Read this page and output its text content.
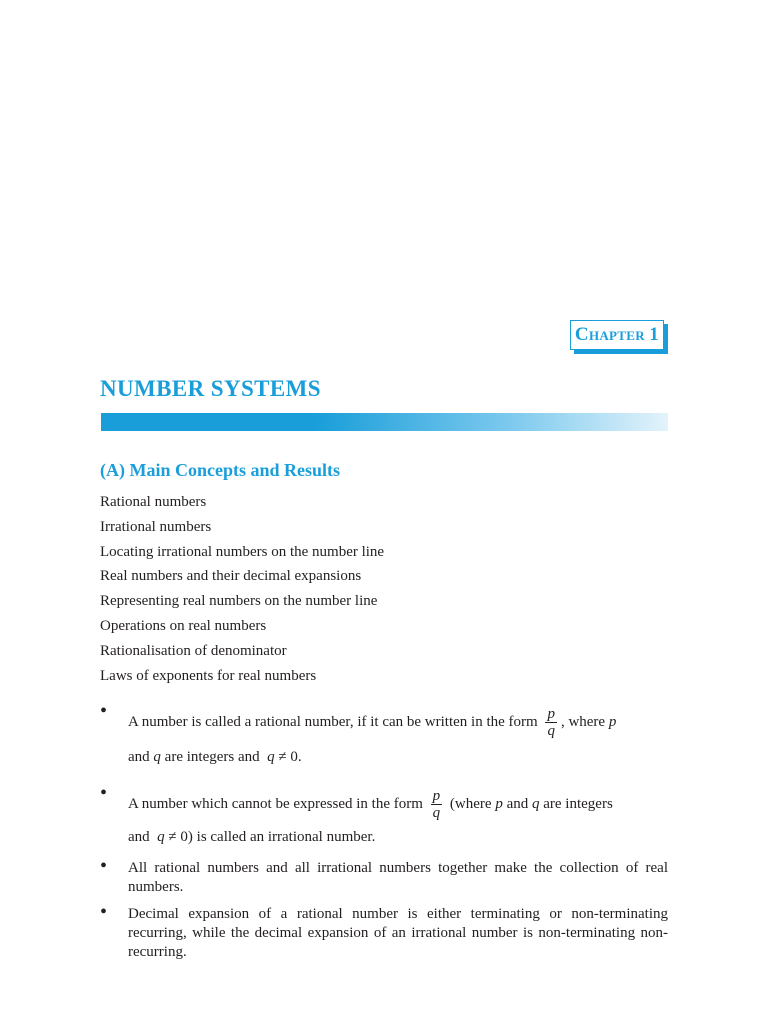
CHAPTER 1
NUMBER SYSTEMS
(A) Main Concepts and Results
Rational numbers
Irrational numbers
Locating irrational numbers on the number line
Real numbers and their decimal expansions
Representing real numbers on the number line
Operations on real numbers
Rationalisation of denominator
Laws of exponents for real numbers
• A number is called a rational number, if it can be written in the form $\frac{p}{q}$ , where p
and q are integers and q ≠ 0.
• A number which cannot be expressed in the form $\frac{p}{q}$ (where p and q are integers
and q ≠ 0) is called an irrational number.
• All rational numbers and all irrational numbers together make the collection of real numbers.
• Decimal expansion of a rational number is either terminating or non-terminating recurring, while the decimal expansion of an irrational number is non-terminating non-recurring.
